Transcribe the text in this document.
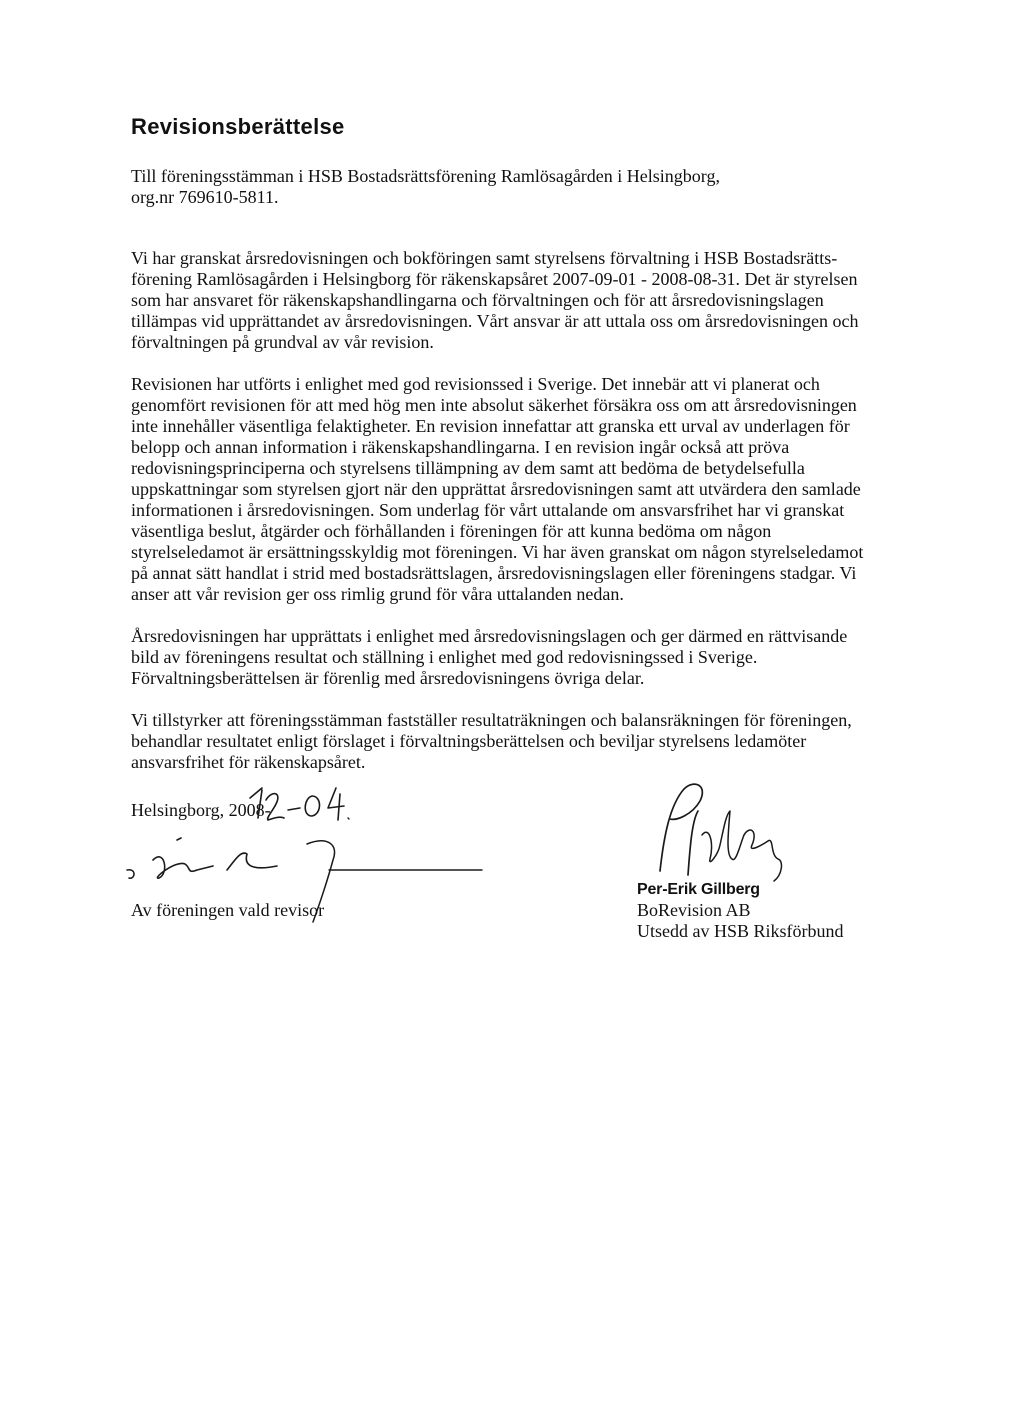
Revisionsberättelse

Till föreningsstämman i HSB Bostadsrättsförening Ramlösagården i Helsingborg,
org.nr 769610-5811.

Vi har granskat årsredovisningen och bokföringen samt styrelsens förvaltning i HSB Bostadsrätts-
förening Ramlösagården i Helsingborg för räkenskapsåret 2007-09-01 - 2008-08-31. Det är styrelsen
som har ansvaret för räkenskapshandlingarna och förvaltningen och för att årsredovisningslagen
tillämpas vid upprättandet av årsredovisningen. Vårt ansvar är att uttala oss om årsredovisningen och
förvaltningen på grundval av vår revision.

Revisionen har utförts i enlighet med god revisionssed i Sverige. Det innebär att vi planerat och
genomfört revisionen för att med hög men inte absolut säkerhet försäkra oss om att årsredovisningen
inte innehåller väsentliga felaktigheter. En revision innefattar att granska ett urval av underlagen för
belopp och annan information i räkenskapshandlingarna. I en revision ingår också att pröva
redovisningsprinciperna och styrelsens tillämpning av dem samt att bedöma de betydelsefulla
uppskattningar som styrelsen gjort när den upprättat årsredovisningen samt att utvärdera den samlade
informationen i årsredovisningen. Som underlag för vårt uttalande om ansvarsfrihet har vi granskat
väsentliga beslut, åtgärder och förhållanden i föreningen för att kunna bedöma om någon
styrelseledamot är ersättningsskyldig mot föreningen. Vi har även granskat om någon styrelseledamot
på annat sätt handlat i strid med bostadsrättslagen, årsredovisningslagen eller föreningens stadgar. Vi
anser att vår revision ger oss rimlig grund för våra uttalanden nedan.

Årsredovisningen har upprättats i enlighet med årsredovisningslagen och ger därmed en rättvisande
bild av föreningens resultat och ställning i enlighet med god redovisningssed i Sverige.
Förvaltningsberättelsen är förenlig med årsredovisningens övriga delar.

Vi tillstyrker att föreningsstämman fastställer resultaträkningen och balansräkningen för föreningen,
behandlar resultatet enligt förslaget i förvaltningsberättelsen och beviljar styrelsens ledamöter
ansvarsfrihet för räkenskapsåret.

Helsingborg, 2008-
Av föreningen vald revisor
Per-Erik Gillberg
BoRevision AB
Utsedd av HSB Riksförbund
